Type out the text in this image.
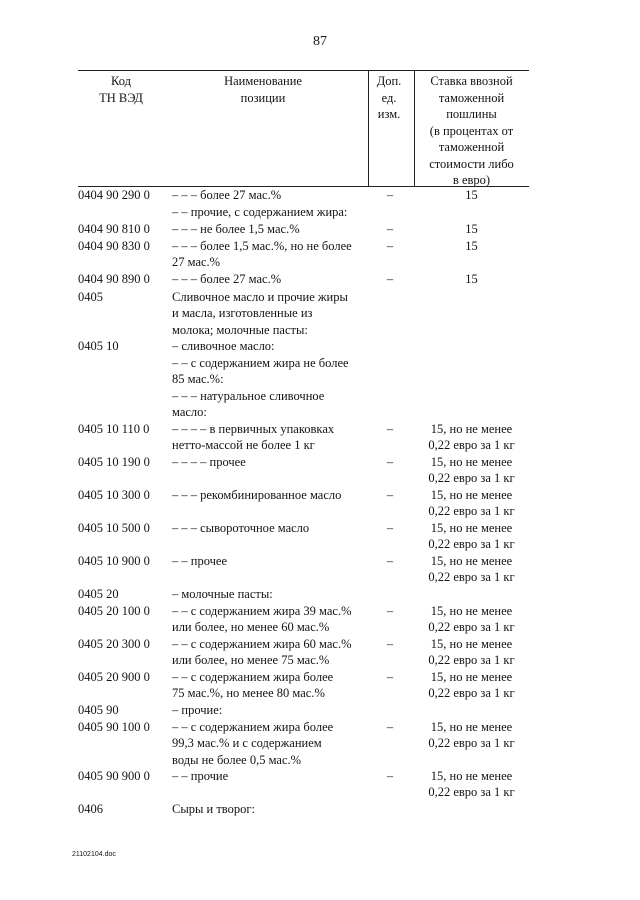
87
Код
ТН ВЭД
Наименование
позиции
Доп.
ед.
изм.
Ставка ввозной
таможенной
пошлины
(в процентах от
таможенной
стоимости либо
в евро)
0404 90 290 0	– – – более 27 мас.%	–	15
– – прочие, с содержанием жира:
0404 90 810 0	– – – не более 1,5 мас.%	–	15
0404 90 830 0	– – – более 1,5 мас.%, но не более
27 мас.%
–	15
0404 90 890 0	– – – более 27 мас.%	–	15
0405	Сливочное масло и прочие жиры
и масла, изготовленные из
молока; молочные пасты:
0405 10	– сливочное масло:
– – с содержанием жира не более
85 мас.%:
– – – натуральное сливочное
масло:
0405 10 110 0	– – – – в первичных упаковках
нетто-массой не более 1 кг
–	15, но не менее
0,22 евро за 1 кг
0405 10 190 0	– – – – прочее	–	15, но не менее
0,22 евро за 1 кг
0405 10 300 0	– – – рекомбинированное масло	–	15, но не менее
0,22 евро за 1 кг
0405 10 500 0	– – – сывороточное масло	–	15, но не менее
0,22 евро за 1 кг
0405 10 900 0	– – прочее	–	15, но не менее
0,22 евро за 1 кг
0405 20	– молочные пасты:
0405 20 100 0	– – с содержанием жира 39 мас.%
или более, но менее 60 мас.%
–	15, но не менее
0,22 евро за 1 кг
0405 20 300 0	– – с содержанием жира 60 мас.%
или более, но менее 75 мас.%
–	15, но не менее
0,22 евро за 1 кг
0405 20 900 0	– – с содержанием жира более
75 мас.%, но менее 80 мас.%
–	15, но не менее
0,22 евро за 1 кг
0405 90	– прочие:
0405 90 100 0	– – с содержанием жира более
99,3 мас.% и с содержанием
воды не более 0,5 мас.%
–	15, но не менее
0,22 евро за 1 кг
0405 90 900 0	– – прочие	–	15, но не менее
0,22 евро за 1 кг
0406	Сыры и творог:
21102104.doc
